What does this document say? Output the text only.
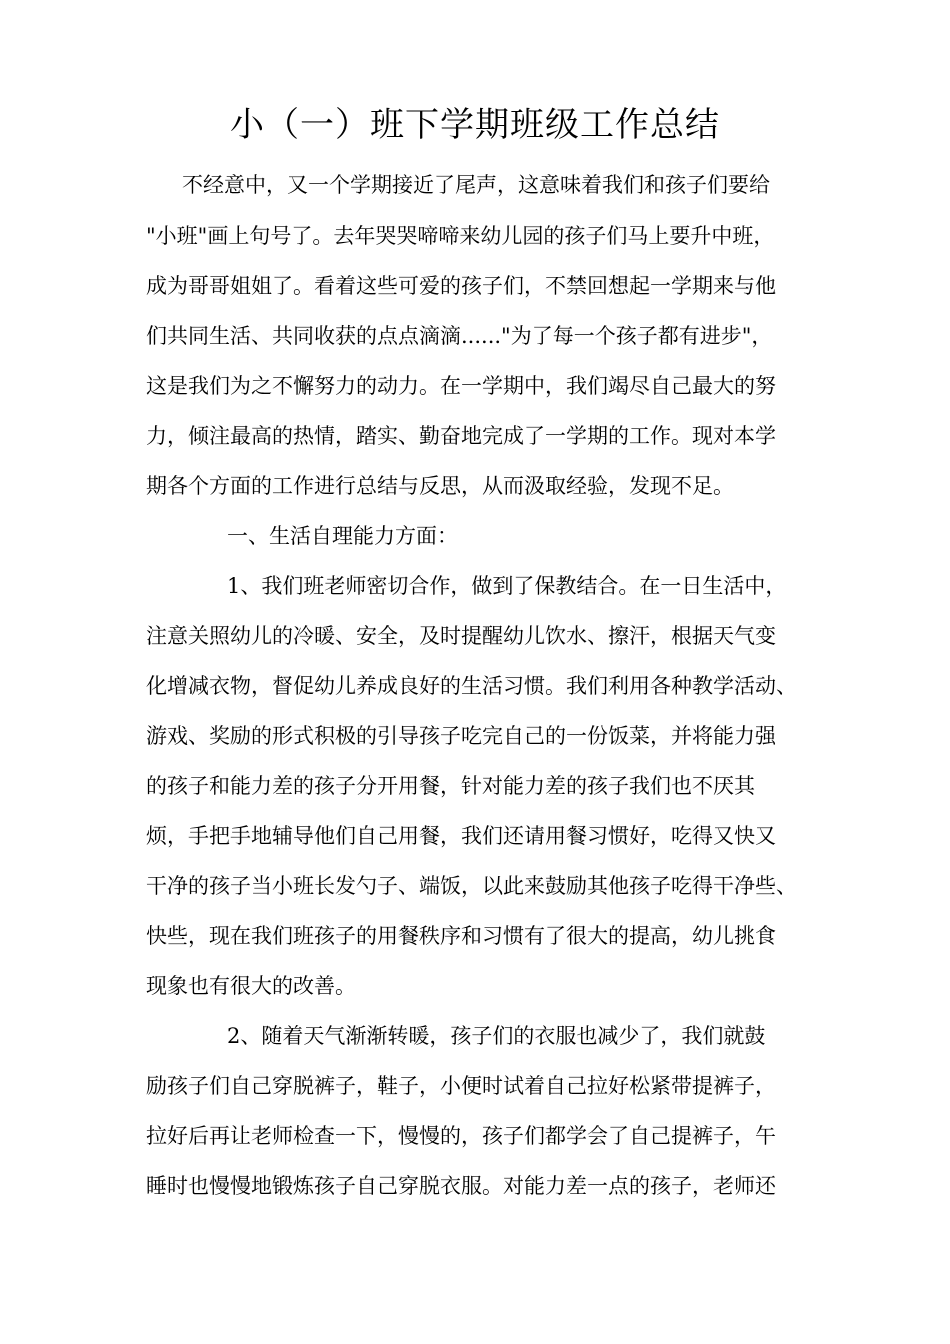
小（一）班下学期班级工作总结
不经意中，又一个学期接近了尾声，这意味着我们和孩子们要给
"小班"画上句号了。去年哭哭啼啼来幼儿园的孩子们马上要升中班，
成为哥哥姐姐了。看着这些可爱的孩子们，不禁回想起一学期来与他
们共同生活、共同收获的点点滴滴......"为了每一个孩子都有进步"，
这是我们为之不懈努力的动力。在一学期中，我们竭尽自己最大的努
力，倾注最高的热情，踏实、勤奋地完成了一学期的工作。现对本学
期各个方面的工作进行总结与反思，从而汲取经验，发现不足。
一、生活自理能力方面：
1、我们班老师密切合作，做到了保教结合。在一日生活中，
注意关照幼儿的冷暖、安全，及时提醒幼儿饮水、擦汗，根据天气变
化增减衣物，督促幼儿养成良好的生活习惯。我们利用各种教学活动、
游戏、奖励的形式积极的引导孩子吃完自己的一份饭菜，并将能力强
的孩子和能力差的孩子分开用餐，针对能力差的孩子我们也不厌其
烦，手把手地辅导他们自己用餐，我们还请用餐习惯好，吃得又快又
干净的孩子当小班长发勺子、端饭，以此来鼓励其他孩子吃得干净些、
快些，现在我们班孩子的用餐秩序和习惯有了很大的提高，幼儿挑食
现象也有很大的改善。
2、随着天气渐渐转暖，孩子们的衣服也减少了，我们就鼓
励孩子们自己穿脱裤子，鞋子，小便时试着自己拉好松紧带提裤子，
拉好后再让老师检查一下，慢慢的，孩子们都学会了自己提裤子，午
睡时也慢慢地锻炼孩子自己穿脱衣服。对能力差一点的孩子，老师还
